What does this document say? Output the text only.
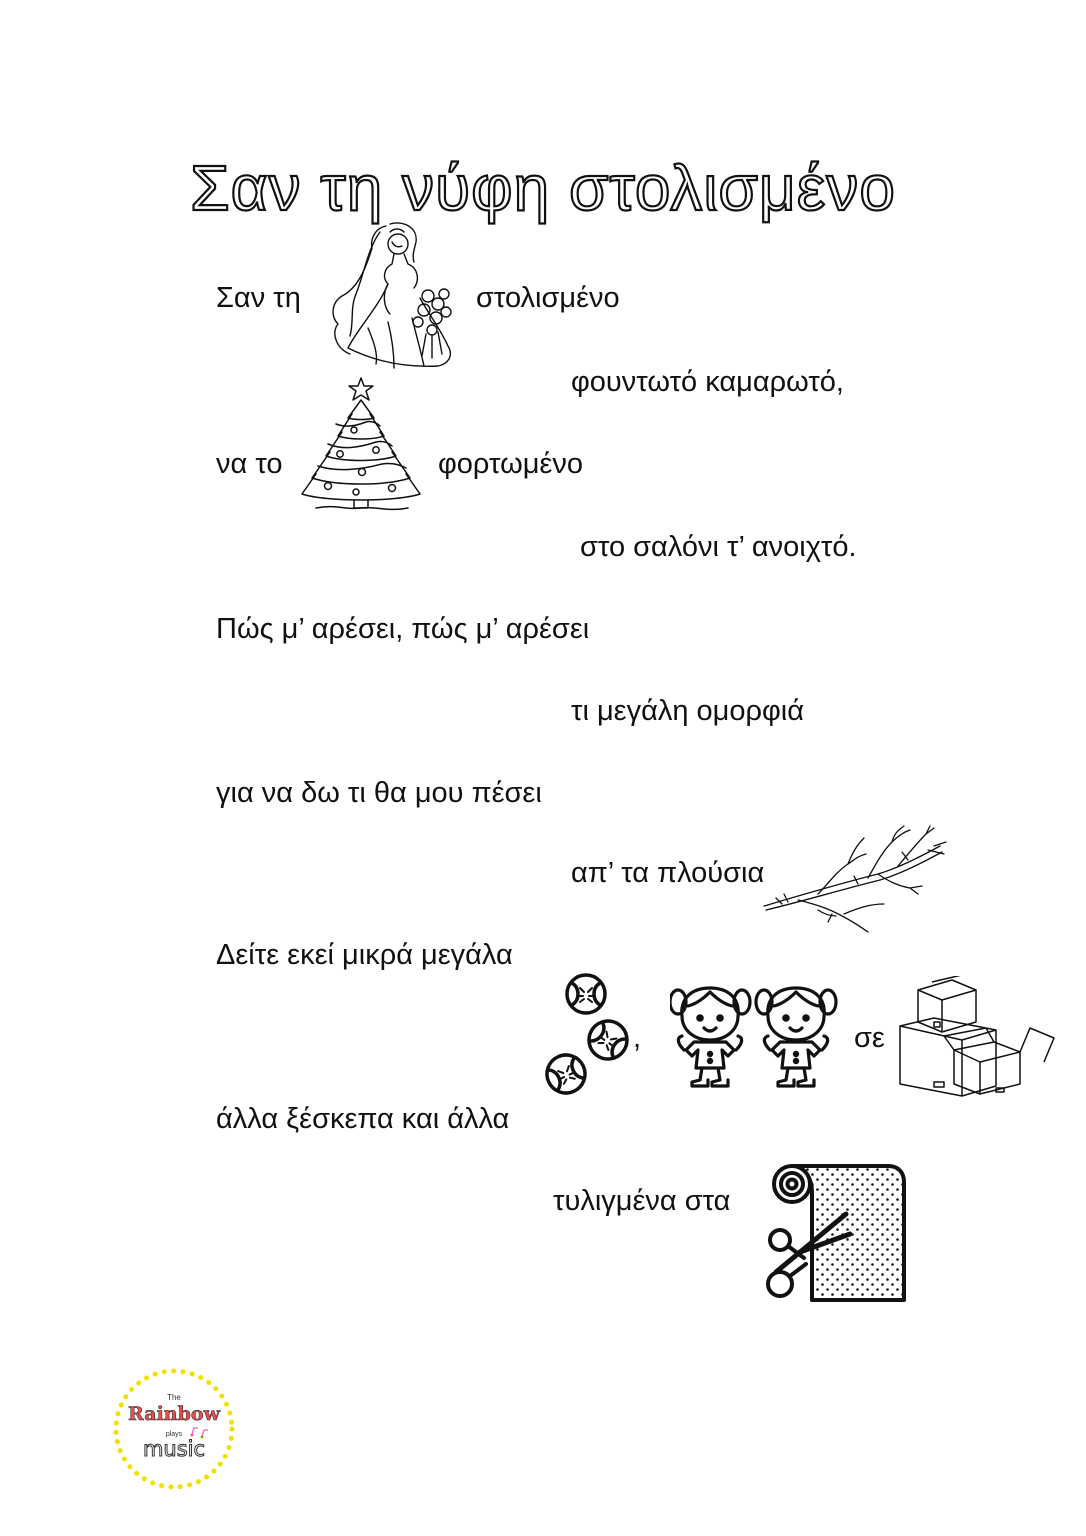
Σαν τη νύφη στολισμένο
Σαν τη	στολισμένο
φουντωτό καμαρωτό,
να το	φορτωμένο
στο σαλόνι τ’ ανοιχτό.
Πώς μ’ αρέσει, πώς μ’ αρέσει
τι μεγάλη ομορφιά
για να δω τι θα μου πέσει
απ’ τα πλούσια
Δείτε εκεί μικρά μεγάλα
,	σε
άλλα ξέσκεπα και άλλα
τυλιγμένα στα
The
Rainbow
plays
music
